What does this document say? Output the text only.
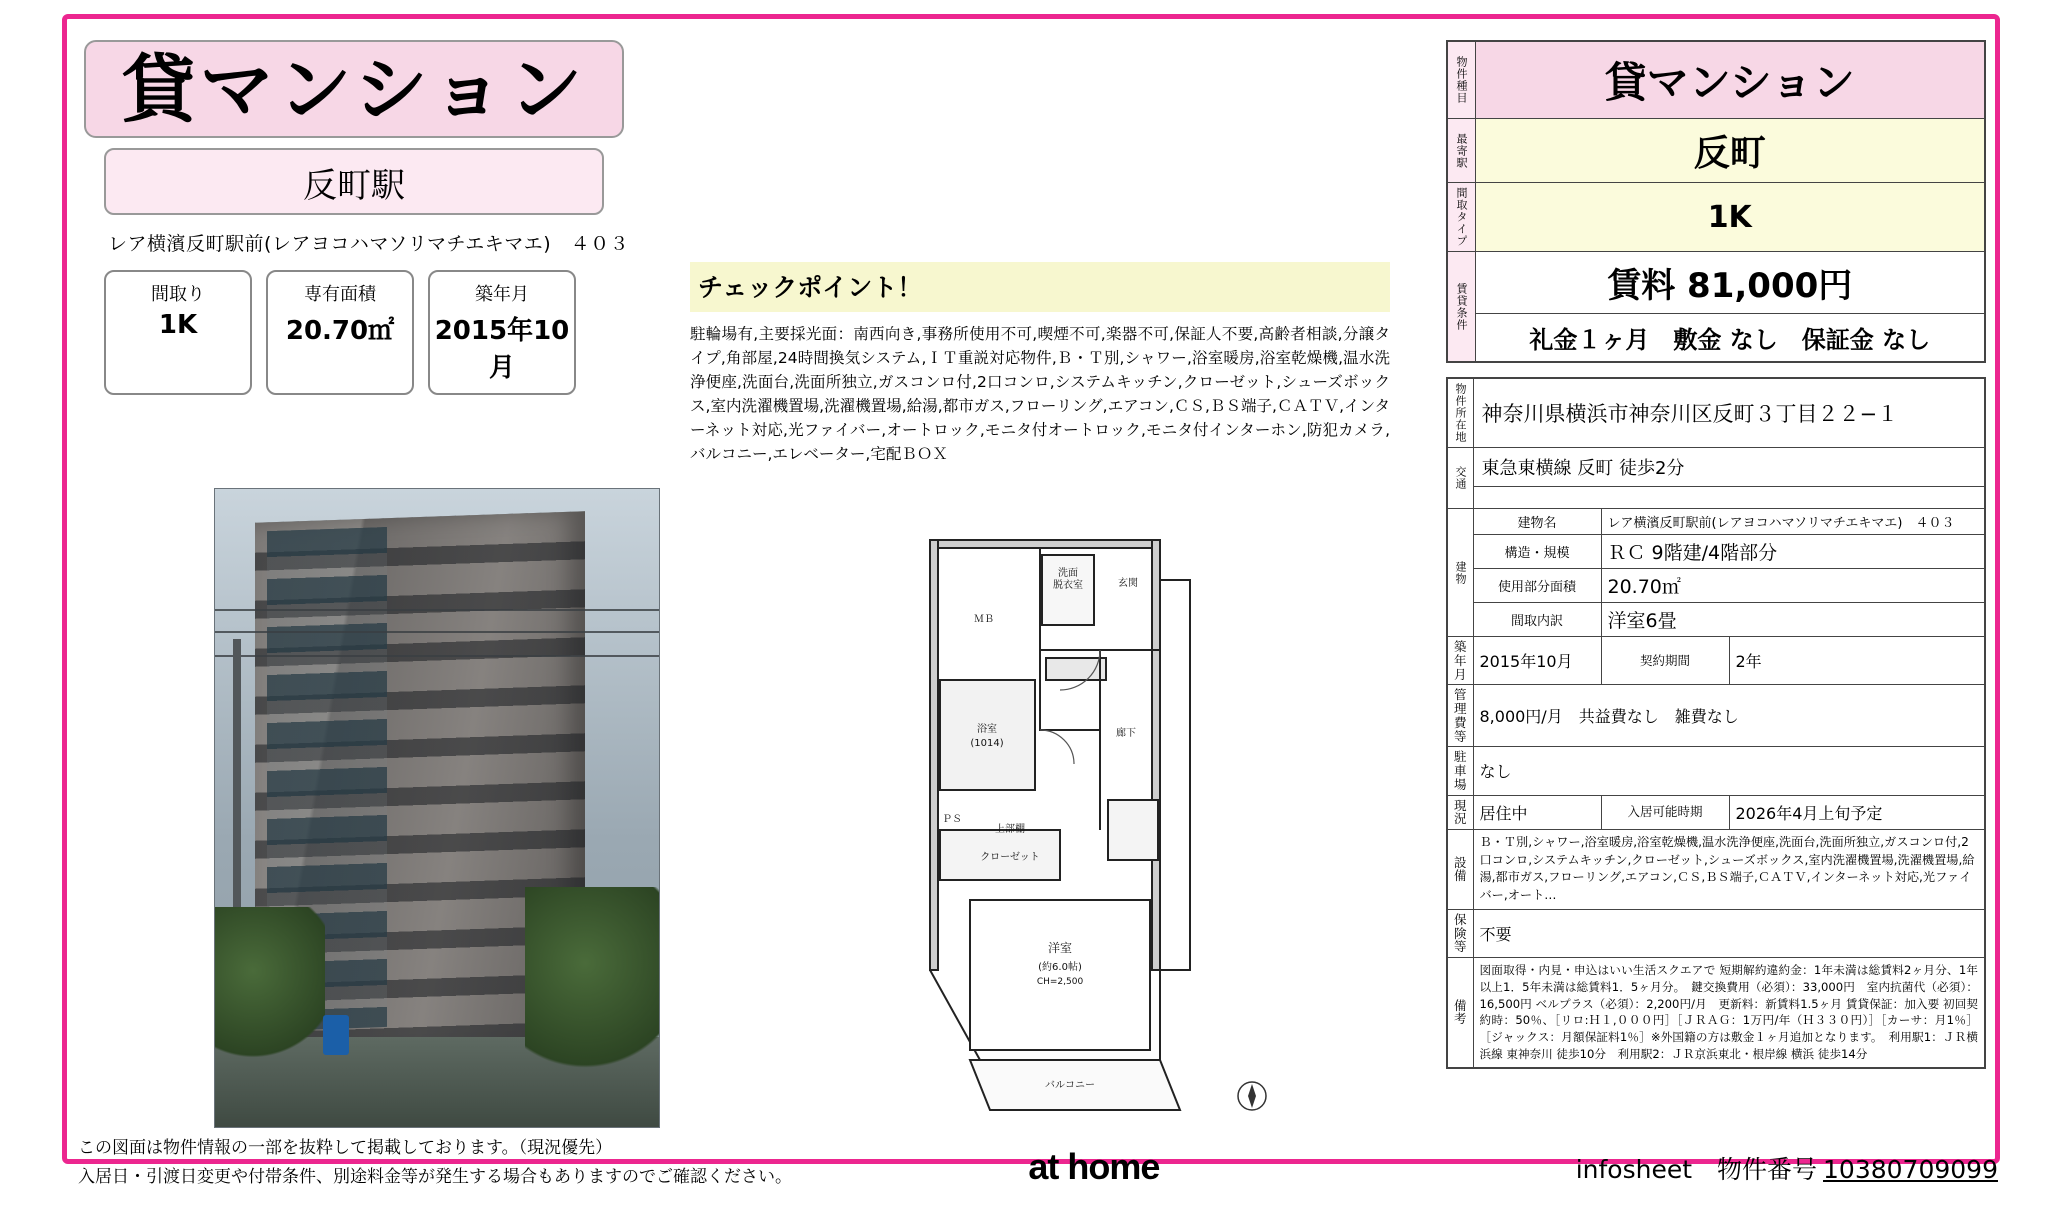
貸マンション
反町駅
レア横濱反町駅前(レアヨコハマソリマチエキマエ)　４０３
間取り
1K
専有面積
20.70㎡
築年月
2015年10月
チェックポイント！
駐輪場有,主要採光面：南西向き,事務所使用不可,喫煙不可,楽器不可,保証人不要,高齢者相談,分譲タイプ,角部屋,24時間換気システム,ＩＴ重説対応物件,Ｂ・Ｔ別,シャワー,浴室暖房,浴室乾燥機,温水洗浄便座,洗面台,洗面所独立,ガスコンロ付,2口コンロ,システムキッチン,クローゼット,シューズボックス,室内洗濯機置場,洗濯機置場,給湯,都市ガス,フローリング,エアコン,ＣＳ,ＢＳ端子,ＣＡＴＶ,インターネット対応,光ファイバー,オートロック,モニタ付オートロック,モニタ付インターホン,防犯カメラ,バルコニー,エレベーター,宅配ＢＯＸ
ＭＢ
洗面
脱衣室	玄関
浴室
(1014)
廊下
ＰＳ
上部棚
クローゼット
洋室
(約6.0帖)
CH=2,500
バルコニー
物件種目	貸マンション
最寄駅	反町
間取タイプ	1K
賃貸条件	賃料 81,000円
	礼金１ヶ月　敷金 なし　保証金 なし
物件所在地	神奈川県横浜市神奈川区反町３丁目２２−１		
交通	東急東横線 反町 徒歩2分		

建物	建物名	レア横濱反町駅前(レアヨコハマソリマチエキマエ)　４０３	
	構造・規模	ＲＣ 9階建/4階部分	
	使用部分面積	20.70㎡	
	間取内訳	洋室6畳	
築年月	2015年10月	契約期間	2年
管理費等	8,000円/月　共益費なし　雑費なし		
駐車場	なし		
現況	居住中	入居可能時期	2026年4月上旬予定
設備	Ｂ・Ｔ別,シャワー,浴室暖房,浴室乾燥機,温水洗浄便座,洗面台,洗面所独立,ガスコンロ付,2口コンロ,システムキッチン,クローゼット,シューズボックス,室内洗濯機置場,洗濯機置場,給湯,都市ガス,フローリング,エアコン,ＣＳ,ＢＳ端子,ＣＡＴＶ,インターネット対応,光ファイバー,オート…		
保険等	不要		
備考	図面取得・内見・申込はいい生活スクエアで 短期解約違約金：1年未満は総賃料2ヶ月分、1年以上1．5年未満は総賃料1．5ヶ月分。　鍵交換費用（必須）：33,000円　室内抗菌代（必須）：16,500円 ベルプラス（必須）：2,200円/月　更新料：新賃料1.5ヶ月 賃貸保証：加入要 初回契約時：50％、［リロ:Ｈ１,０００円］［ＪＲＡＧ：1万円/年（Ｈ３３０円）］［カーサ：月1％］［ジャックス：月額保証料1％］※外国籍の方は敷金１ヶ月追加となります。　利用駅1：ＪＲ横浜線 東神奈川 徒歩10分　利用駅2：ＪＲ京浜東北・根岸線 横浜 徒歩14分		
この図面は物件情報の一部を抜粋して掲載しております。（現況優先）
入居日・引渡日変更や付帯条件、別途料金等が発生する場合もありますのでご確認ください。	at home	infosheet　物件番号 10380709099
